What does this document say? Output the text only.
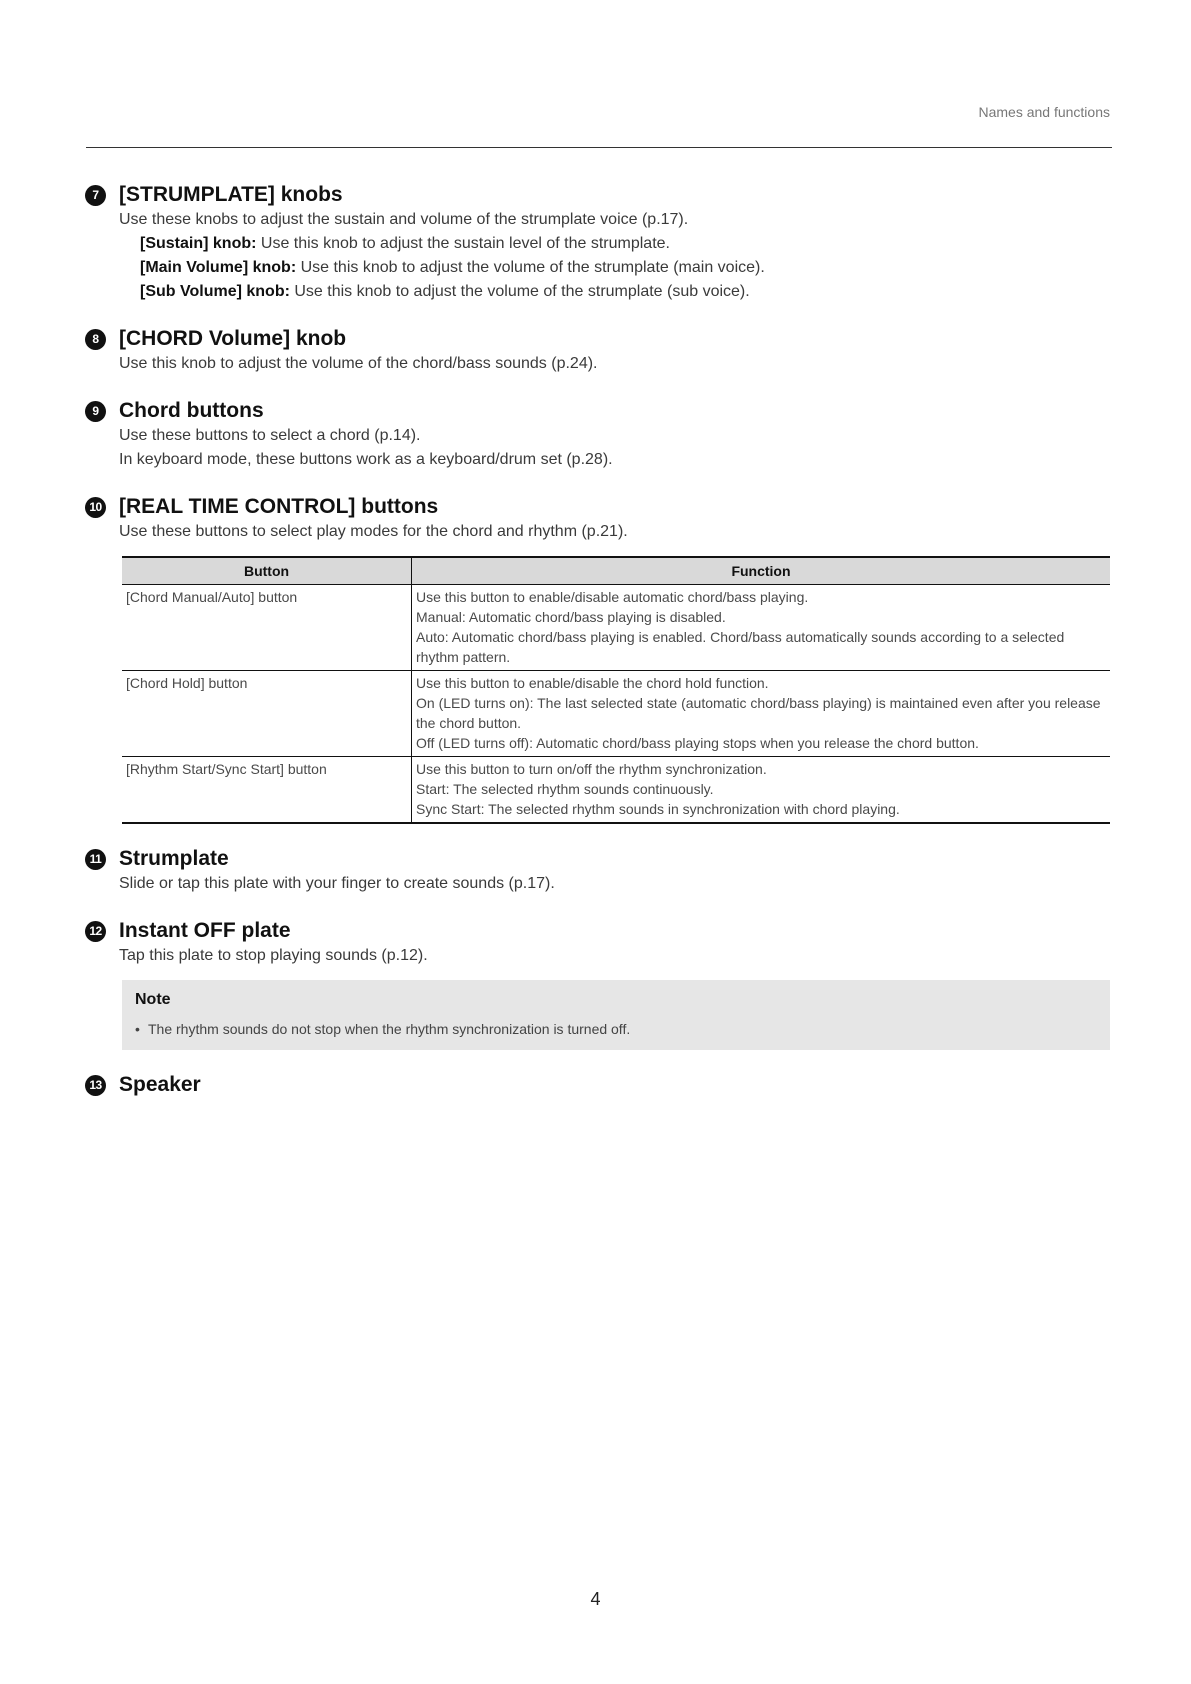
Names and functions
7 [STRUMPLATE] knobs
Use these knobs to adjust the sustain and volume of the strumplate voice (p.17).
[Sustain] knob: Use this knob to adjust the sustain level of the strumplate.
[Main Volume] knob: Use this knob to adjust the volume of the strumplate (main voice).
[Sub Volume] knob: Use this knob to adjust the volume of the strumplate (sub voice).
8 [CHORD Volume] knob
Use this knob to adjust the volume of the chord/bass sounds (p.24).
9 Chord buttons
Use these buttons to select a chord (p.14).
In keyboard mode, these buttons work as a keyboard/drum set (p.28).
10 [REAL TIME CONTROL] buttons
Use these buttons to select play modes for the chord and rhythm (p.21).
Button	Function
[Chord Manual/Auto] button	Use this button to enable/disable automatic chord/bass playing.
Manual: Automatic chord/bass playing is disabled.
Auto: Automatic chord/bass playing is enabled. Chord/bass automatically sounds according to a selected rhythm pattern.

[Chord Hold] button	Use this button to enable/disable the chord hold function.
On (LED turns on): The last selected state (automatic chord/bass playing) is maintained even after you release the chord button.
Off (LED turns off): Automatic chord/bass playing stops when you release the chord button.

[Rhythm Start/Sync Start] button	Use this button to turn on/off the rhythm synchronization.
Start: The selected rhythm sounds continuously.
Sync Start: The selected rhythm sounds in synchronization with chord playing.
11 Strumplate
Slide or tap this plate with your finger to create sounds (p.17).
12 Instant OFF plate
Tap this plate to stop playing sounds (p.12).
Note
• The rhythm sounds do not stop when the rhythm synchronization is turned off.
13 Speaker
4
